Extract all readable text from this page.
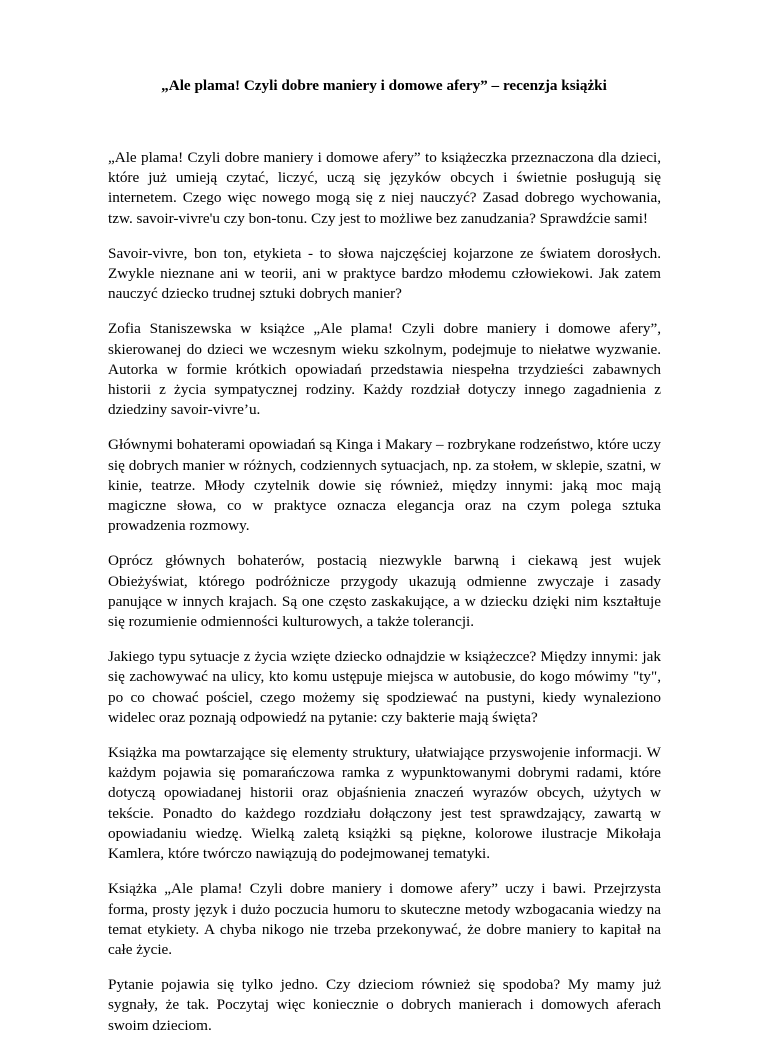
„Ale plama! Czyli dobre maniery i domowe afery” – recenzja książki

„Ale plama! Czyli dobre maniery i domowe afery” to książeczka przeznaczona dla dzieci, które już umieją czytać, liczyć, uczą się języków obcych i świetnie posługują się internetem. Czego więc nowego mogą się z niej nauczyć? Zasad dobrego wychowania, tzw. savoir-vivre'u czy bon-tonu. Czy jest to możliwe bez zanudzania? Sprawdźcie sami!

Savoir-vivre, bon ton, etykieta - to słowa najczęściej kojarzone ze światem dorosłych. Zwykle nieznane ani w teorii, ani w praktyce bardzo młodemu człowiekowi. Jak zatem nauczyć dziecko trudnej sztuki dobrych manier?

Zofia Staniszewska w książce „Ale plama! Czyli dobre maniery i domowe afery”, skierowanej do dzieci we wczesnym wieku szkolnym, podejmuje to niełatwe wyzwanie. Autorka w formie krótkich opowiadań przedstawia niespełna trzydzieści zabawnych historii z życia sympatycznej rodziny. Każdy rozdział dotyczy innego zagadnienia z dziedziny savoir-vivre’u.

Głównymi bohaterami opowiadań są Kinga i Makary – rozbrykane rodzeństwo, które uczy się dobrych manier w różnych, codziennych sytuacjach, np. za stołem, w sklepie, szatni, w kinie, teatrze. Młody czytelnik dowie się również, między innymi: jaką moc mają magiczne słowa, co w praktyce oznacza elegancja oraz na czym polega sztuka prowadzenia rozmowy.

Oprócz głównych bohaterów, postacią niezwykle barwną i ciekawą jest wujek Obieżyświat, którego podróżnicze przygody ukazują odmienne zwyczaje i zasady panujące w innych krajach. Są one często zaskakujące, a w dziecku dzięki nim kształtuje się rozumienie odmienności kulturowych, a także tolerancji.

Jakiego typu sytuacje z życia wzięte dziecko odnajdzie w książeczce? Między innymi: jak się zachowywać na ulicy, kto komu ustępuje miejsca w autobusie, do kogo mówimy "ty", po co chować pościel, czego możemy się spodziewać na pustyni, kiedy wynaleziono widelec oraz poznają odpowiedź na pytanie: czy bakterie mają święta?

Książka ma powtarzające się elementy struktury, ułatwiające przyswojenie informacji. W każdym pojawia się pomarańczowa ramka z wypunktowanymi dobrymi radami, które dotyczą opowiadanej historii oraz objaśnienia znaczeń wyrazów obcych, użytych w tekście. Ponadto do każdego rozdziału dołączony jest test sprawdzający, zawartą w opowiadaniu wiedzę. Wielką zaletą książki są piękne, kolorowe ilustracje Mikołaja Kamlera, które twórczo nawiązują do podejmowanej tematyki.

Książka „Ale plama! Czyli dobre maniery i domowe afery” uczy i bawi. Przejrzysta forma, prosty język i dużo poczucia humoru to skuteczne metody wzbogacania wiedzy na temat etykiety. A chyba nikogo nie trzeba przekonywać, że dobre maniery to kapitał na całe życie.

Pytanie pojawia się tylko jedno. Czy dzieciom również się spodoba? My mamy już sygnały, że tak. Poczytaj więc koniecznie o dobrych manierach i domowych aferach swoim dzieciom.
